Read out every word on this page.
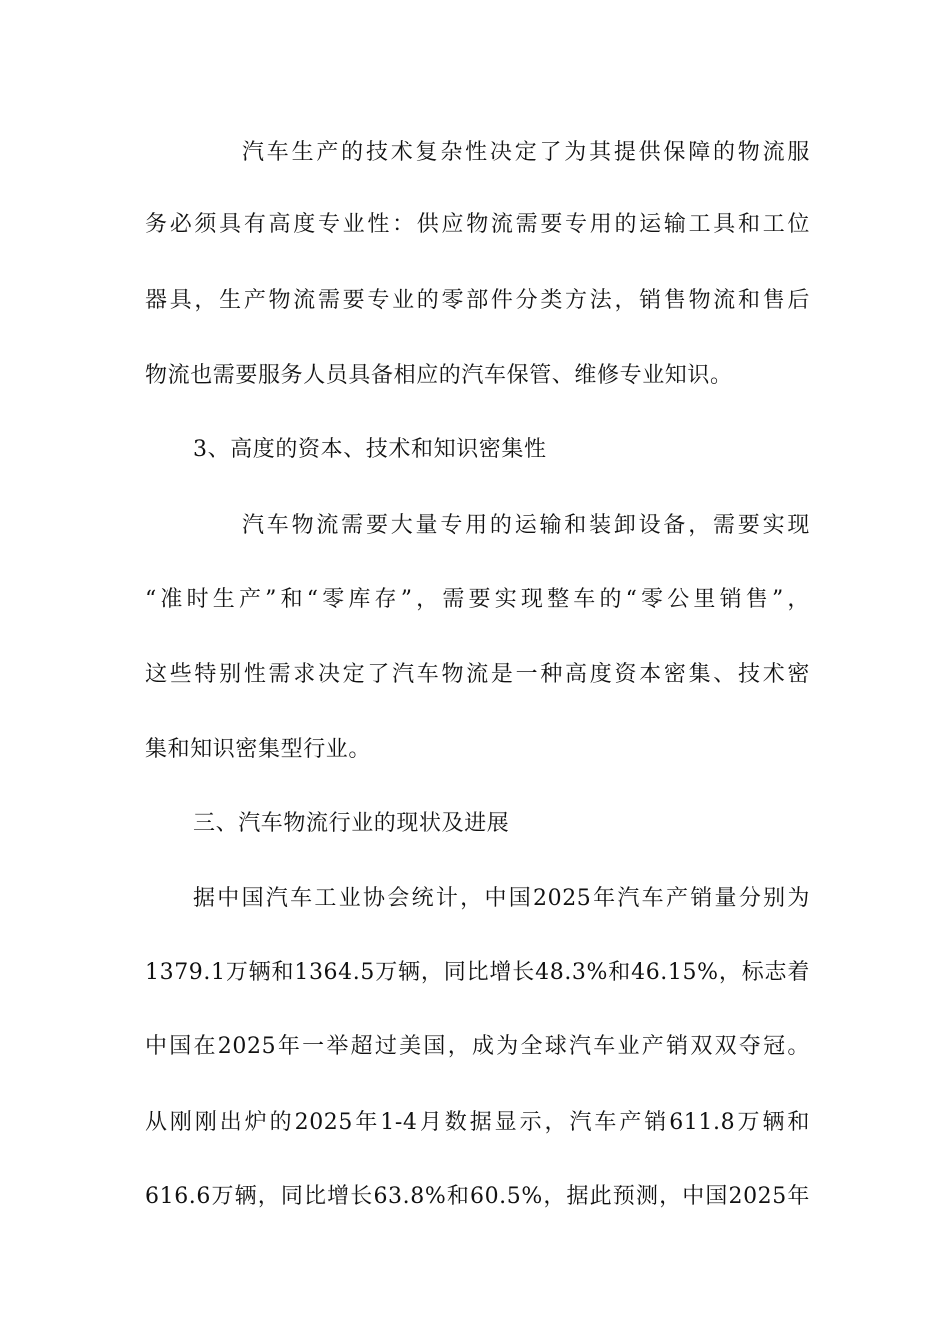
汽车生产的技术复杂性决定了为其提供保障的物流服
务必须具有高度专业性：供应物流需要专用的运输工具和工位
器具，生产物流需要专业的零部件分类方法，销售物流和售后
物流也需要服务人员具备相应的汽车保管、维修专业知识。
3、高度的资本、技术和知识密集性
汽车物流需要大量专用的运输和装卸设备，需要实现
“准时生产”和“零库存”，需要实现整车的“零公里销售”，
这些特别性需求决定了汽车物流是一种高度资本密集、技术密
集和知识密集型行业。
三、汽车物流行业的现状及进展
据中国汽车工业协会统计，中国2025年汽车产销量分别为
1379.1万辆和1364.5万辆，同比增长48.3%和46.15%，标志着
中国在2025年一举超过美国，成为全球汽车业产销双双夺冠。
从刚刚出炉的2025年1-4月数据显示，汽车产销611.8万辆和
616.6万辆，同比增长63.8%和60.5%，据此预测，中国2025年
